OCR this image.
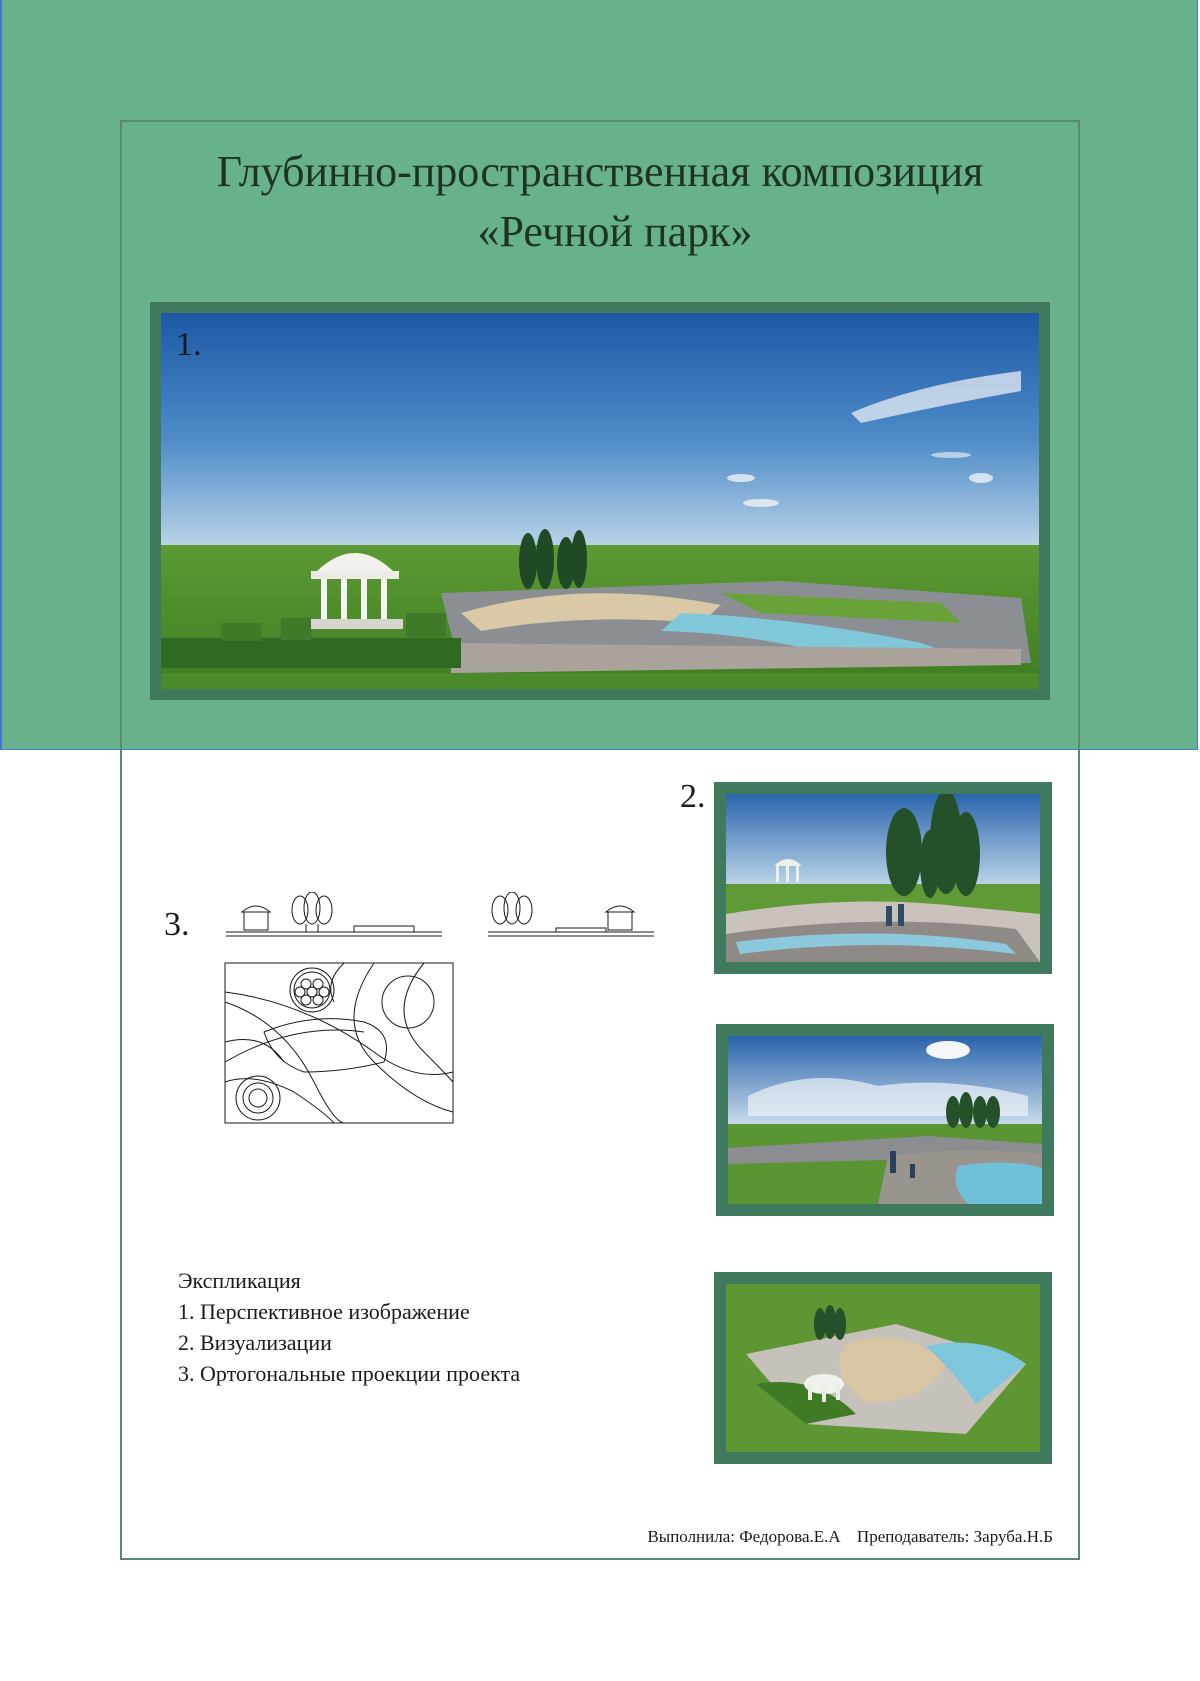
Глубинно-пространственная композиция
«Речной парк»
1.
2.
3.
Экспликация
1. Перспективное изображение
2. Визуализации
3. Ортогональные проекции проекта
Выполнила: Федорова.Е.А Преподаватель: Заруба.Н.Б
